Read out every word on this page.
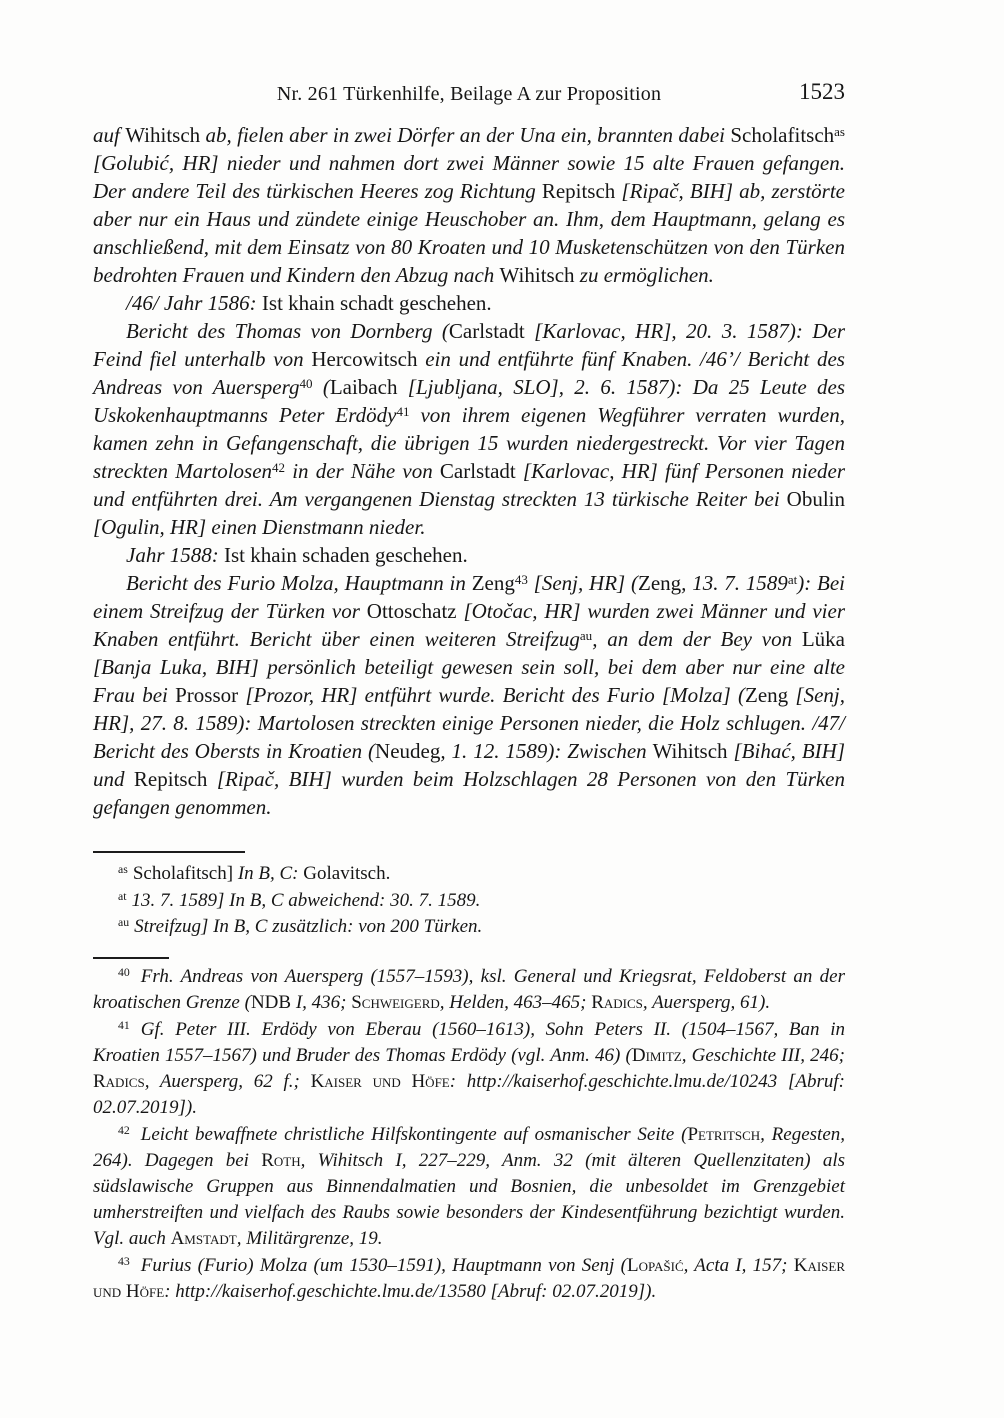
Nr. 261 Türkenhilfe, Beilage A zur Proposition	1523

auf Wihitsch ab, fielen aber in zwei Dörfer an der Una ein, brannten dabei Scholafitsch$^{as}$ [Golubić, HR] nieder und nahmen dort zwei Männer sowie 15 alte Frauen gefangen. Der andere Teil des türkischen Heeres zog Richtung Repitsch [Ripač, BIH] ab, zerstörte aber nur ein Haus und zündete einige Heuschober an. Ihm, dem Hauptmann, gelang es anschließend, mit dem Einsatz von 80 Kroaten und 10 Musketenschützen von den Türken bedrohten Frauen und Kindern den Abzug nach Wihitsch zu ermöglichen.

/46/ Jahr 1586: Ist khain schadt geschehen.

Bericht des Thomas von Dornberg (Carlstadt [Karlovac, HR], 20. 3. 1587): Der Feind fiel unterhalb von Hercowitsch ein und entführte fünf Knaben. /46’/ Bericht des Andreas von Auersperg$^{40}$ (Laibach [Ljubljana, SLO], 2. 6. 1587): Da 25 Leute des Uskokenhauptmanns Peter Erdödy$^{41}$ von ihrem eigenen Wegführer verraten wurden, kamen zehn in Gefangenschaft, die übrigen 15 wurden niedergestreckt. Vor vier Tagen streckten Martolosen$^{42}$ in der Nähe von Carlstadt [Karlovac, HR] fünf Personen nieder und entführten drei. Am vergangenen Dienstag streckten 13 türkische Reiter bei Obulin [Ogulin, HR] einen Dienstmann nieder.

Jahr 1588: Ist khain schaden geschehen.

Bericht des Furio Molza, Hauptmann in Zeng$^{43}$ [Senj, HR] (Zeng, 13. 7. $1589^{at}$): Bei einem Streifzug der Türken vor Ottoschatz [Otočac, HR] wurden zwei Männer und vier Knaben entführt. Bericht über einen weiteren Streifzug$^{au}$, an dem der Bey von Lüka [Banja Luka, BIH] persönlich beteiligt gewesen sein soll, bei dem aber nur eine alte Frau bei Prossor [Prozor, HR] entführt wurde. Bericht des Furio [Molza] (Zeng [Senj, HR], 27. 8. 1589): Martolosen streckten einige Personen nieder, die Holz schlugen. /47/ Bericht des Obersts in Kroatien (Neudeg, 1. 12. 1589): Zwischen Wihitsch [Bihać, BIH] und Repitsch [Ripač, BIH] wurden beim Holzschlagen 28 Personen von den Türken gefangen genommen.

$^{as}$ Scholafitsch] In B, C: Golavitsch.
$^{at}$ 13. 7. 1589] In B, C abweichend: 30. 7. 1589.
$^{au}$ Streifzug] In B, C zusätzlich: von 200 Türken.
$^{40}$ Frh. Andreas von Auersperg (1557–1593), ksl. General und Kriegsrat, Feldoberst an der kroatischen Grenze (NDB I, 436; Schweigerd, Helden, 463–465; Radics, Auersperg, 61).
$^{41}$ Gf. Peter III. Erdödy von Eberau (1560–1613), Sohn Peters II. (1504–1567, Ban in Kroatien 1557–1567) und Bruder des Thomas Erdödy (vgl. Anm. 46) (Dimitz, Geschichte III, 246; Radics, Auersperg, 62 f.; Kaiser und Höfe: http://kaiserhof.geschichte.lmu.de/10243 [Abruf: 02.07.2019]).
$^{42}$ Leicht bewaffnete christliche Hilfskontingente auf osmanischer Seite (Petritsch, Regesten, 264). Dagegen bei Roth, Wihitsch I, 227–229, Anm. 32 (mit älteren Quellenzitaten) als südslawische Gruppen aus Binnendalmatien und Bosnien, die unbesoldet im Grenzgebiet umherstreiften und vielfach des Raubs sowie besonders der Kindesentführung bezichtigt wurden. Vgl. auch Amstadt, Militärgrenze, 19.
$^{43}$ Furius (Furio) Molza (um 1530–1591), Hauptmann von Senj (Lopašić, Acta I, 157; Kaiser und Höfe: http://kaiserhof.geschichte.lmu.de/13580 [Abruf: 02.07.2019]).
